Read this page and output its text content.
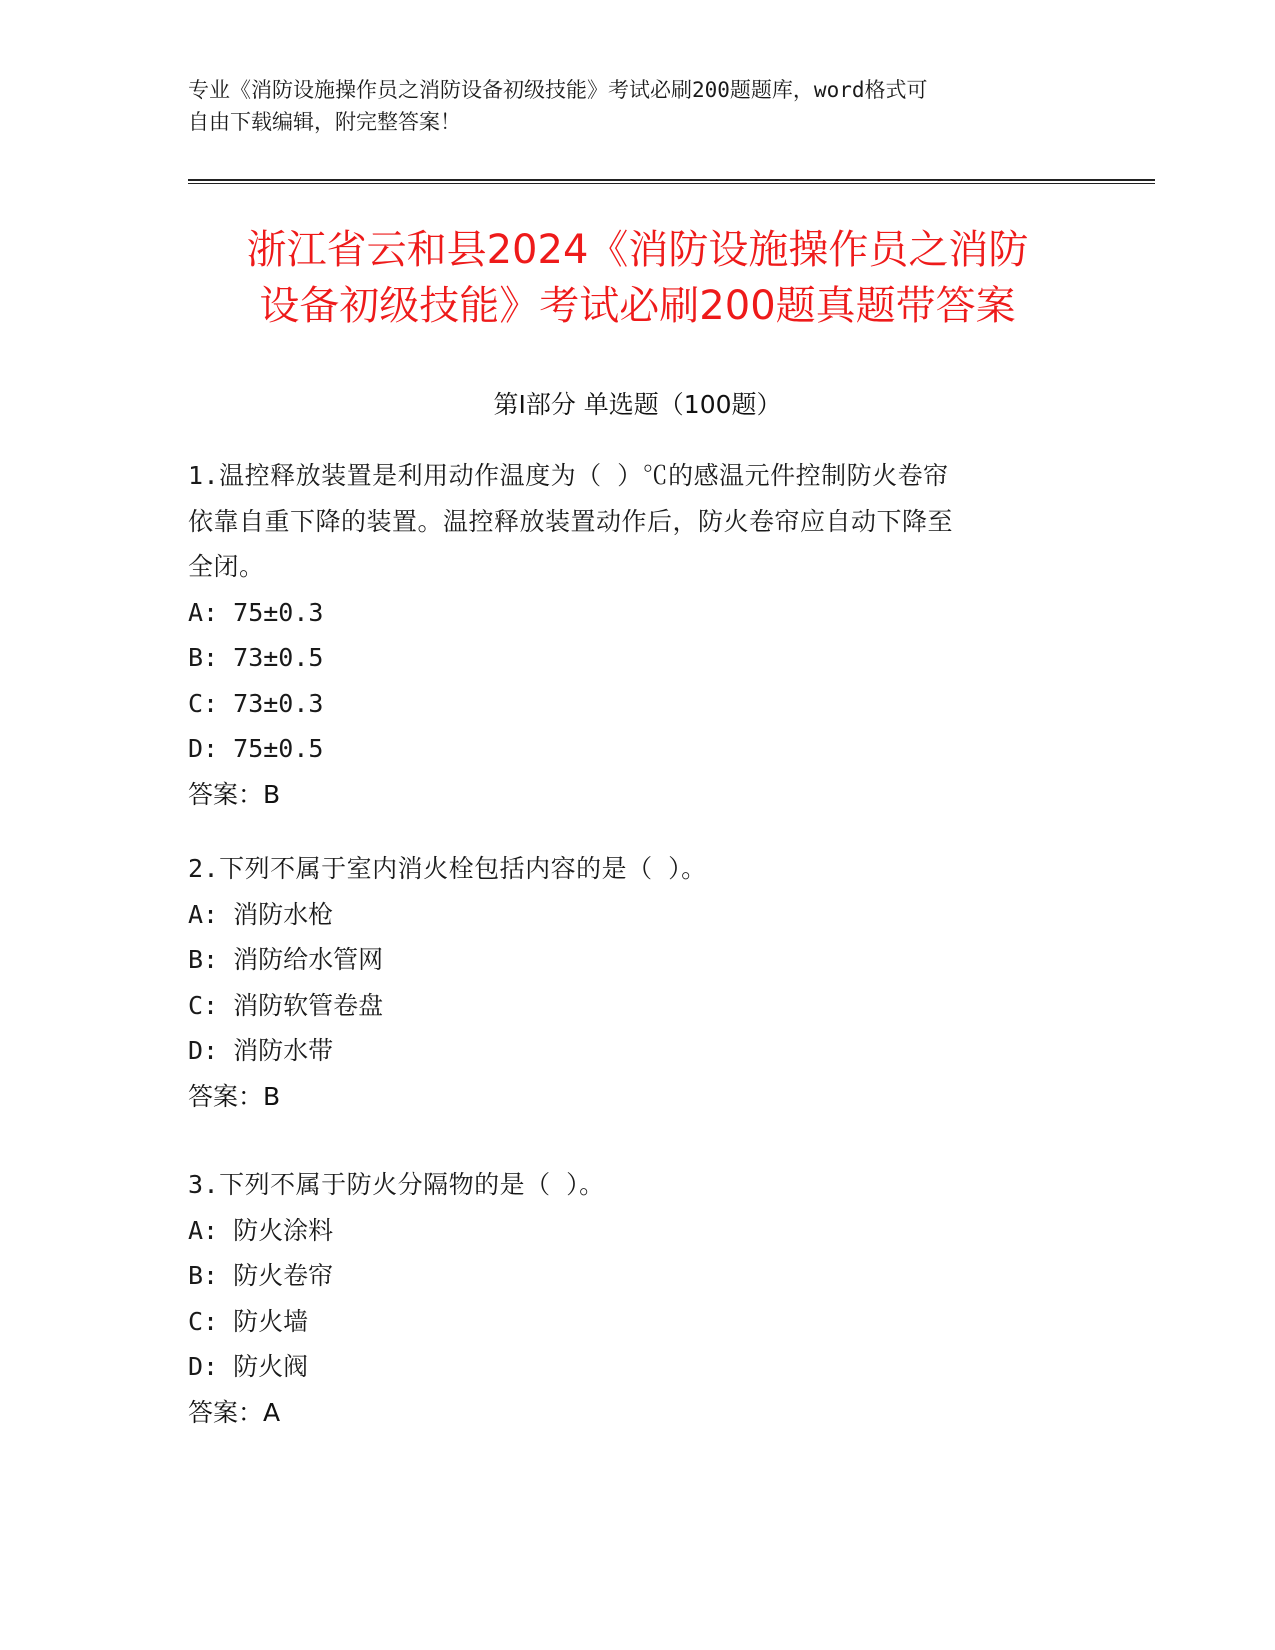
专业《消防设施操作员之消防设备初级技能》考试必刷200题题库，word格式可
自由下载编辑，附完整答案！
浙江省云和县2024《消防设施操作员之消防
设备初级技能》考试必刷200题真题带答案
第Ⅰ部分 单选题（100题）

1.温控释放装置是利用动作温度为（ ）℃的感温元件控制防火卷帘

依靠自重下降的装置。温控释放装置动作后，防火卷帘应自动下降至

全闭。

A: 75±0.3

B: 73±0.5

C: 73±0.3

D: 75±0.5

答案：B

2.下列不属于室内消火栓包括内容的是（ ）。

A: 消防水枪

B: 消防给水管网

C: 消防软管卷盘

D: 消防水带

答案：B

3.下列不属于防火分隔物的是（ ）。

A: 防火涂料

B: 防火卷帘

C: 防火墙

D: 防火阀

答案：A
